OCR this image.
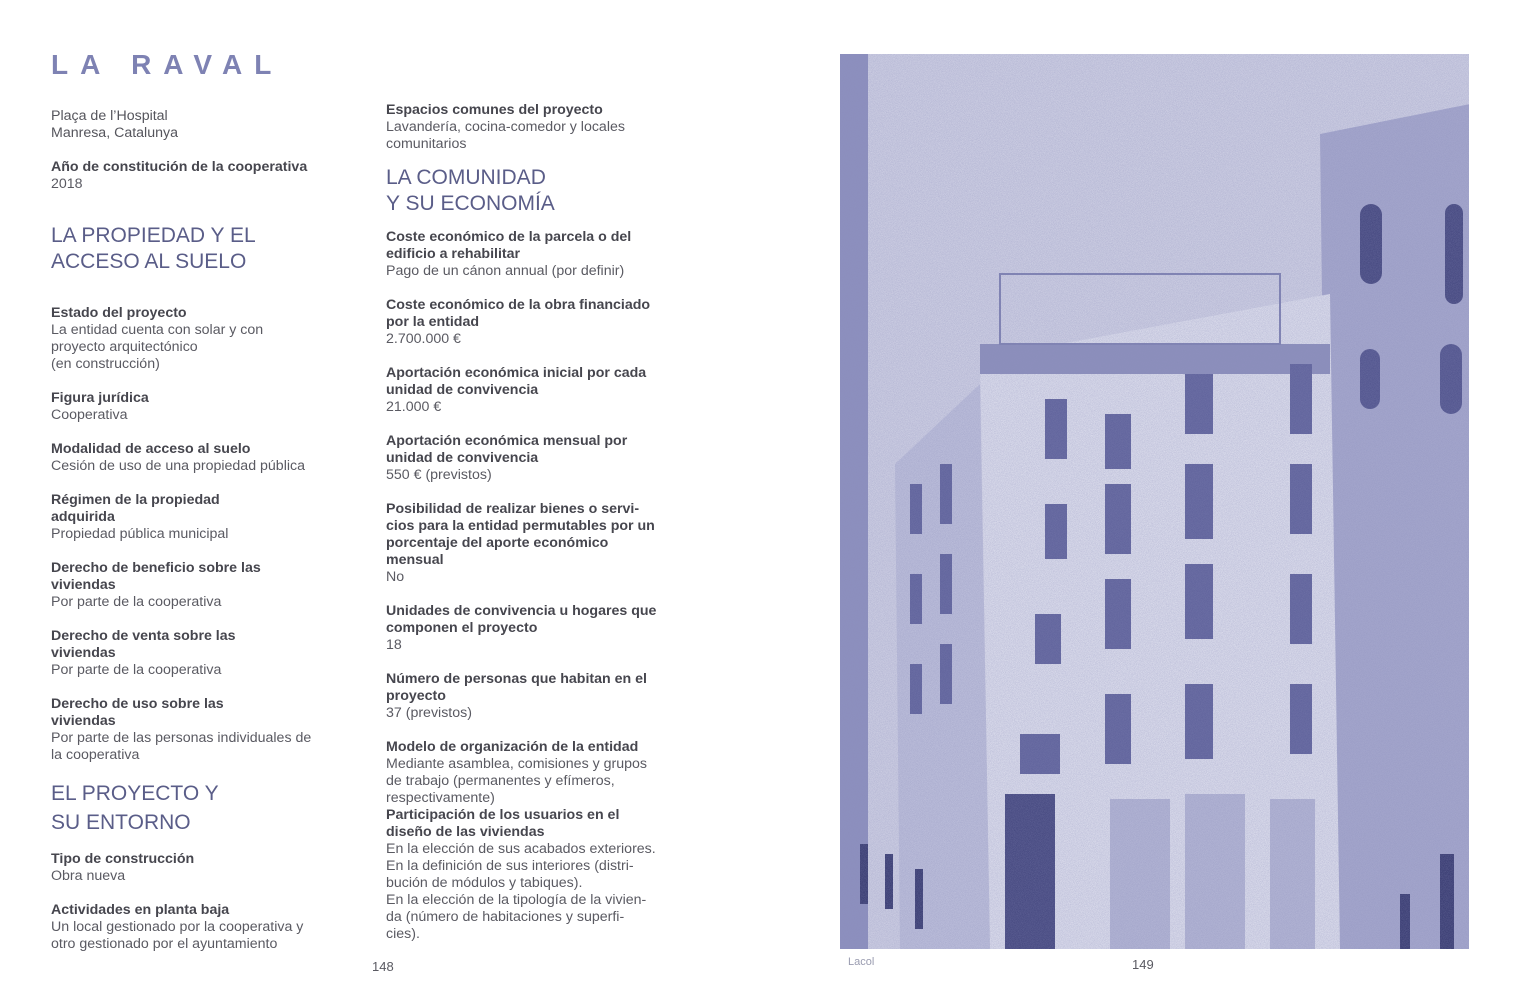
LA RAVAL
Plaça de l’Hospital
Manresa, Catalunya
Año de constitución de la cooperativa
2018
LA PROPIEDAD Y EL
ACCESO AL SUELO
Estado del proyecto
La entidad cuenta con solar y con
proyecto arquitectónico
(en construcción)
Figura jurídica
Cooperativa
Modalidad de acceso al suelo
Cesión de uso de una propiedad pública
Régimen de la propiedad
adquirida
Propiedad pública municipal
Derecho de beneficio sobre las
viviendas
Por parte de la cooperativa
Derecho de venta sobre las
viviendas
Por parte de la cooperativa
Derecho de uso sobre las
viviendas
Por parte de las personas individuales de
la cooperativa
EL PROYECTO Y
SU ENTORNO
Tipo de construcción
Obra nueva
Actividades en planta baja
Un local gestionado por la cooperativa y
otro gestionado por el ayuntamiento
Espacios comunes del proyecto
Lavandería, cocina-comedor y locales
comunitarios
LA COMUNIDAD
Y SU ECONOMÍA
Coste económico de la parcela o del
edificio a rehabilitar
Pago de un cánon annual (por definir)
Coste económico de la obra financiado
por la entidad
2.700.000 €
Aportación económica inicial por cada
unidad de convivencia
21.000 €
Aportación económica mensual por
unidad de convivencia
550 € (previstos)
Posibilidad de realizar bienes o servi-
cios para la entidad permutables por un
porcentaje del aporte económico
mensual
No
Unidades de convivencia u hogares que
componen el proyecto
18
Número de personas que habitan en el
proyecto
37 (previstos)
Modelo de organización de la entidad
Mediante asamblea, comisiones y grupos
de trabajo (permanentes y efímeros,
respectivamente)
Participación de los usuarios en el
diseño de las viviendas
En la elección de sus acabados exteriores.
En la definición de sus interiores (distri-
bución de módulos y tabiques).
En la elección de la tipología de la vivien-
da (número de habitaciones y superfi-
cies).
148	Lacol	149
